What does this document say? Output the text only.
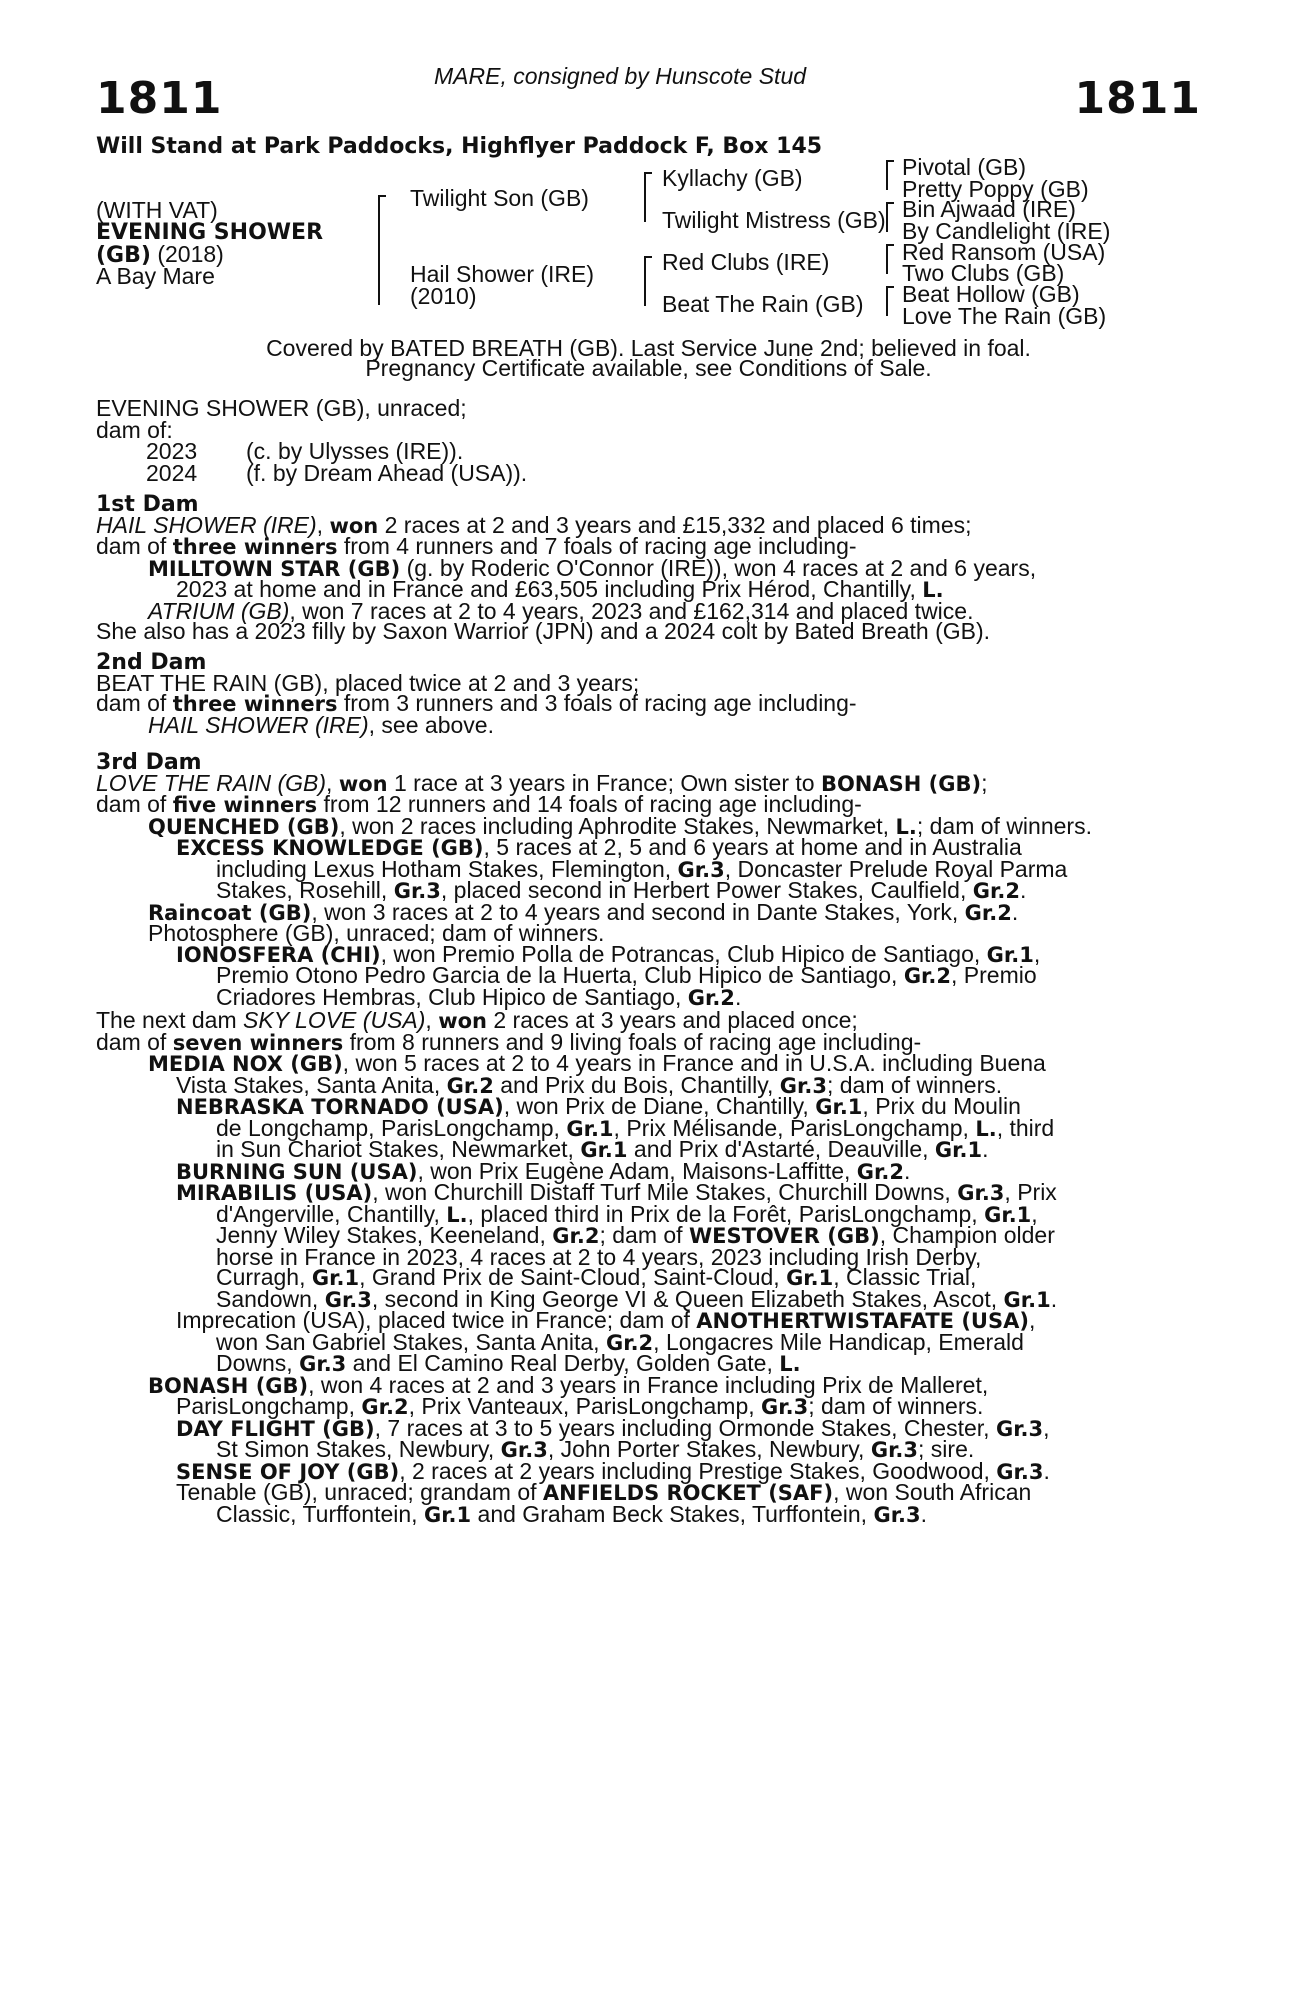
MARE, consigned by Hunscote Stud
1811	1811
Will Stand at Park Paddocks, Highflyer Paddock F, Box 145
(WITH VAT)
EVENING SHOWER
(GB) (2018)
A Bay Mare
Twilight Son (GB)
Hail Shower (IRE)
(2010)
Kyllachy (GB)
Twilight Mistress (GB)
Red Clubs (IRE)
Beat The Rain (GB)
Pivotal (GB)
Pretty Poppy (GB)
Bin Ajwaad (IRE)
By Candlelight (IRE)
Red Ransom (USA)
Two Clubs (GB)
Beat Hollow (GB)
Love The Rain (GB)
Covered by BATED BREATH (GB). Last Service June 2nd; believed in foal.
Pregnancy Certificate available, see Conditions of Sale.
EVENING SHOWER (GB), unraced;
dam of:
2023 (c. by Ulysses (IRE)).
2024 (f. by Dream Ahead (USA)).
1st Dam
HAIL SHOWER (IRE), won 2 races at 2 and 3 years and £15,332 and placed 6 times;
dam of three winners from 4 runners and 7 foals of racing age including-
MILLTOWN STAR (GB) (g. by Roderic O'Connor (IRE)), won 4 races at 2 and 6 years,
2023 at home and in France and £63,505 including Prix Hérod, Chantilly, L.
ATRIUM (GB), won 7 races at 2 to 4 years, 2023 and £162,314 and placed twice.
She also has a 2023 filly by Saxon Warrior (JPN) and a 2024 colt by Bated Breath (GB).
2nd Dam
BEAT THE RAIN (GB), placed twice at 2 and 3 years;
dam of three winners from 3 runners and 3 foals of racing age including-
HAIL SHOWER (IRE), see above.
3rd Dam
LOVE THE RAIN (GB), won 1 race at 3 years in France; Own sister to BONASH (GB);
dam of five winners from 12 runners and 14 foals of racing age including-
QUENCHED (GB), won 2 races including Aphrodite Stakes, Newmarket, L.; dam of winners.
EXCESS KNOWLEDGE (GB), 5 races at 2, 5 and 6 years at home and in Australia
including Lexus Hotham Stakes, Flemington, Gr.3, Doncaster Prelude Royal Parma
Stakes, Rosehill, Gr.3, placed second in Herbert Power Stakes, Caulfield, Gr.2.
Raincoat (GB), won 3 races at 2 to 4 years and second in Dante Stakes, York, Gr.2.
Photosphere (GB), unraced; dam of winners.
IONOSFERA (CHI), won Premio Polla de Potrancas, Club Hipico de Santiago, Gr.1,
Premio Otono Pedro Garcia de la Huerta, Club Hipico de Santiago, Gr.2, Premio
Criadores Hembras, Club Hipico de Santiago, Gr.2.
The next dam SKY LOVE (USA), won 2 races at 3 years and placed once;
dam of seven winners from 8 runners and 9 living foals of racing age including-
MEDIA NOX (GB), won 5 races at 2 to 4 years in France and in U.S.A. including Buena
Vista Stakes, Santa Anita, Gr.2 and Prix du Bois, Chantilly, Gr.3; dam of winners.
NEBRASKA TORNADO (USA), won Prix de Diane, Chantilly, Gr.1, Prix du Moulin
de Longchamp, ParisLongchamp, Gr.1, Prix Mélisande, ParisLongchamp, L., third
in Sun Chariot Stakes, Newmarket, Gr.1 and Prix d'Astarté, Deauville, Gr.1.
BURNING SUN (USA), won Prix Eugène Adam, Maisons-Laffitte, Gr.2.
MIRABILIS (USA), won Churchill Distaff Turf Mile Stakes, Churchill Downs, Gr.3, Prix
d'Angerville, Chantilly, L., placed third in Prix de la Forêt, ParisLongchamp, Gr.1,
Jenny Wiley Stakes, Keeneland, Gr.2; dam of WESTOVER (GB), Champion older
horse in France in 2023, 4 races at 2 to 4 years, 2023 including Irish Derby,
Curragh, Gr.1, Grand Prix de Saint-Cloud, Saint-Cloud, Gr.1, Classic Trial,
Sandown, Gr.3, second in King George VI & Queen Elizabeth Stakes, Ascot, Gr.1.
Imprecation (USA), placed twice in France; dam of ANOTHERTWISTAFATE (USA),
won San Gabriel Stakes, Santa Anita, Gr.2, Longacres Mile Handicap, Emerald
Downs, Gr.3 and El Camino Real Derby, Golden Gate, L.
BONASH (GB), won 4 races at 2 and 3 years in France including Prix de Malleret,
ParisLongchamp, Gr.2, Prix Vanteaux, ParisLongchamp, Gr.3; dam of winners.
DAY FLIGHT (GB), 7 races at 3 to 5 years including Ormonde Stakes, Chester, Gr.3,
St Simon Stakes, Newbury, Gr.3, John Porter Stakes, Newbury, Gr.3; sire.
SENSE OF JOY (GB), 2 races at 2 years including Prestige Stakes, Goodwood, Gr.3.
Tenable (GB), unraced; grandam of ANFIELDS ROCKET (SAF), won South African
Classic, Turffontein, Gr.1 and Graham Beck Stakes, Turffontein, Gr.3.
